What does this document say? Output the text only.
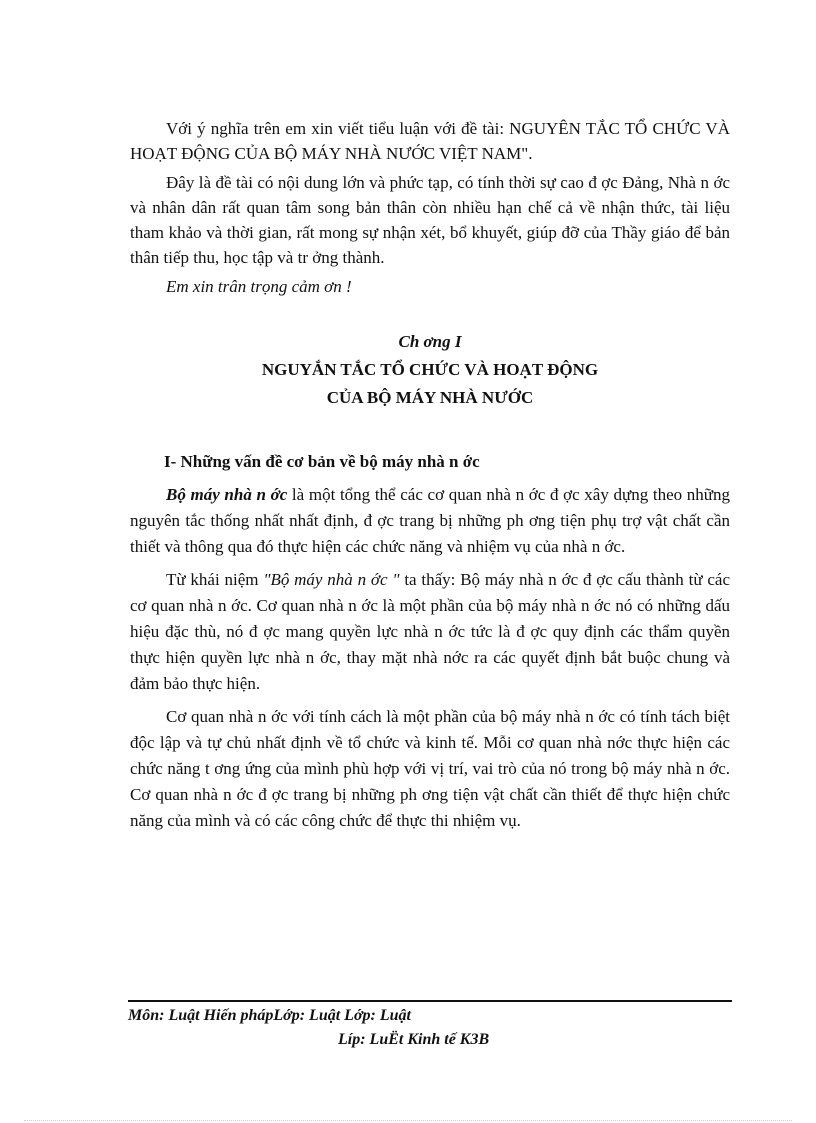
Với ý nghĩa trên em xin viết tiểu luận với đề tài: NGUYÊN TẮC TỔ CHỨC VÀ HOẠT ĐỘNG CỦA BỘ MÁY NHÀ NƯỚC VIỆT NAM".

Đây là đề tài có nội dung lớn và phức tạp, có tính thời sự cao đ ợc Đảng, Nhà n ớc và nhân dân rất quan tâm song bản thân còn nhiều hạn chế cả về nhận thức, tài liệu tham khảo và thời gian, rất mong sự nhận xét, bổ khuyết, giúp đỡ của Thầy giáo để bản thân tiếp thu, học tập và tr ởng thành.

Em xin trân trọng cảm ơn !

Ch ơng I
NGUYẮN TẮC TỔ CHỨC VÀ HOẠT ĐỘNG
CỦA BỘ MÁY NHÀ NƯỚC
I- Những vấn đề cơ bản về bộ máy nhà n ớc

Bộ máy nhà n ớc là một tổng thể các cơ quan nhà n ớc đ ợc xây dựng theo những nguyên tắc thống nhất nhất định, đ ợc trang bị những ph ơng tiện phụ trợ vật chất cần thiết và thông qua đó thực hiện các chức năng và nhiệm vụ của nhà n ớc.

Từ khái niệm "Bộ máy nhà n ớc " ta thấy: Bộ máy nhà n ớc đ ợc cấu thành từ các cơ quan nhà n ớc. Cơ quan nhà n ớc là một phần của bộ máy nhà n ớc nó có những dấu hiệu đặc thù, nó đ ợc mang quyền lực nhà n ớc tức là đ ợc quy định các thẩm quyền thực hiện quyền lực nhà n ớc, thay mặt nhà nớc ra các quyết định bắt buộc chung và đảm bảo thực hiện.

Cơ quan nhà n ớc với tính cách là một phần của bộ máy nhà n ớc có tính tách biệt độc lập và tự chủ nhất định về tổ chức và kinh tế. Mỗi cơ quan nhà nớc thực hiện các chức năng t ơng ứng của mình phù hợp với vị trí, vai trò của nó trong bộ máy nhà n ớc. Cơ quan nhà n ớc đ ợc trang bị những ph ơng tiện vật chất cần thiết để thực hiện chức năng của mình và có các công chức để thực thi nhiệm vụ.

Môn: Luật Hiến phápLớp: Luật Lớp: Luật
Líp: LuËt Kinh tế K3B
